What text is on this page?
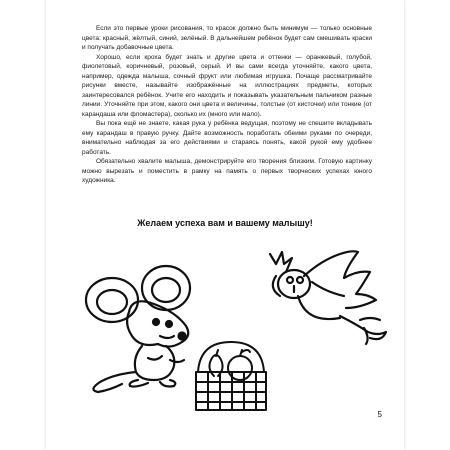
Если это первые уроки рисования, то красок должно быть минимум — только основные цвета: красный, жёлтый, синий, зелёный. В дальнейшем ребёнок будет сам смешивать краски и получать добавочные цвета.

Хорошо, если кроха будет знать и другие цвета и оттенки — оранжевый, голубой, фиолетовый, коричневый, розовый, серый. И вы сами всегда уточняйте, какого цвета, например, одежда малыша, сочный фрукт или любимая игрушка. Почаще рассматривайте рисунки вместе, называйте изображённые на иллюстрациях предметы, которых заинтересовался ребёнок. Учите его находить и показывать указательным пальчиком разные линии. Уточняйте при этом, какого они цвета и величины, толстые (от кисточки) или тонкие (от карандаша или фломастера), сколько их (много или мало).

Вы пока ещё не знаете, какая рука у ребёнка ведущая, поэтому не спешите вкладывать ему карандаш в правую ручку. Дайте возможность поработать обеими руками по очереди, внимательно наблюдая за его действиями и стараясь понять, какой рукой ему удобнее работать.

Обязательно хвалите малыша, демонстрируйте его творения близким. Готовую картинку можно вырезать и поместить в рамку на память о первых творческих успехах юного художника.

Желаем успеха вам и вашему малышу!
5
